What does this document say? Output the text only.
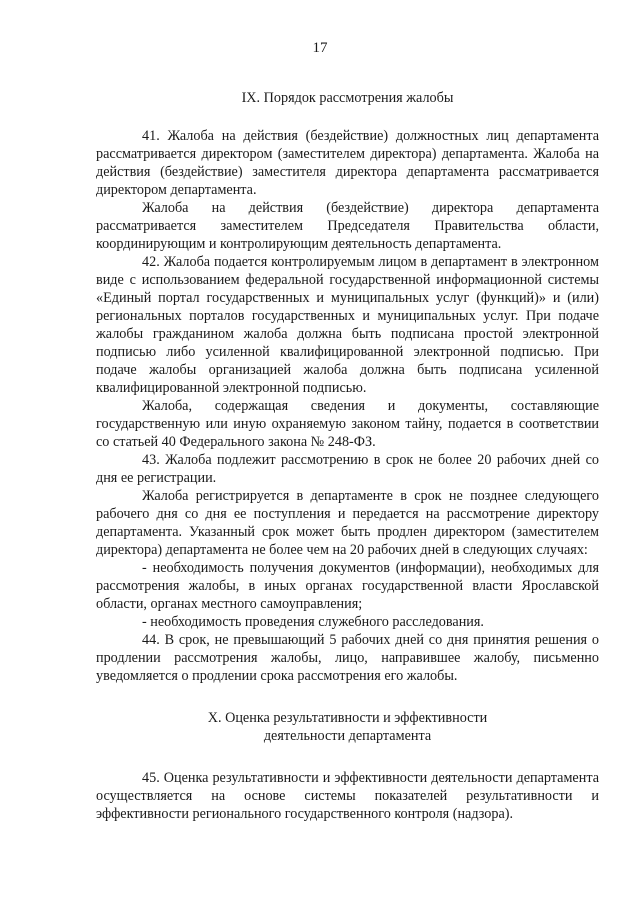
17

IX. Порядок рассмотрения жалобы

41. Жалоба на действия (бездействие) должностных лиц департамента рассматривается директором (заместителем директора) департамента. Жалоба на действия (бездействие) заместителя директора департамента рассматривается директором департамента.

Жалоба на действия (бездействие) директора департамента рассматривается заместителем Председателя Правительства области, координирующим и контролирующим деятельность департамента.

42. Жалоба подается контролируемым лицом в департамент в электронном виде с использованием федеральной государственной информационной системы «Единый портал государственных и муниципальных услуг (функций)» и (или) региональных порталов государственных и муниципальных услуг. При подаче жалобы гражданином жалоба должна быть подписана простой электронной подписью либо усиленной квалифицированной электронной подписью. При подаче жалобы организацией жалоба должна быть подписана усиленной квалифицированной электронной подписью.

Жалоба, содержащая сведения и документы, составляющие государственную или иную охраняемую законом тайну, подается в соответствии со статьей 40 Федерального закона № 248-ФЗ.

43. Жалоба подлежит рассмотрению в срок не более 20 рабочих дней со дня ее регистрации.

Жалоба регистрируется в департаменте в срок не позднее следующего рабочего дня со дня ее поступления и передается на рассмотрение директору департамента. Указанный срок может быть продлен директором (заместителем директора) департамента не более чем на 20 рабочих дней в следующих случаях:

- необходимость получения документов (информации), необходимых для рассмотрения жалобы, в иных органах государственной власти Ярославской области, органах местного самоуправления;

- необходимость проведения служебного расследования.

44. В срок, не превышающий 5 рабочих дней со дня принятия решения о продлении рассмотрения жалобы, лицо, направившее жалобу, письменно уведомляется о продлении срока рассмотрения его жалобы.

X. Оценка результативности и эффективности
деятельности департамента

45. Оценка результативности и эффективности деятельности департамента осуществляется на основе системы показателей результативности и эффективности регионального государственного контроля (надзора).
